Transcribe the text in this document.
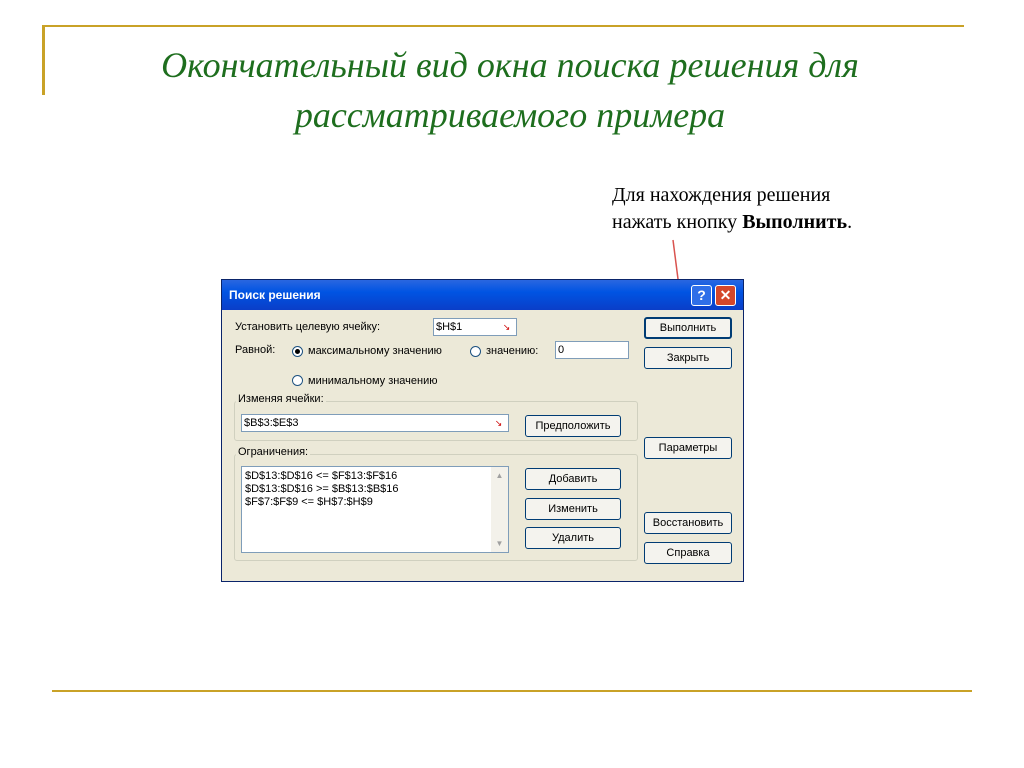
Окончательный вид окна поиска решения для рассматриваемого примера
Для нахождения решения
нажать кнопку Выполнить.
Поиск решения	? ✕
Установить целевую ячейку:	$H$1	↘
Равной:	максимальному значению	значению: 0
минимальному значению
Изменяя ячейки:
$B$3:$E$3	↘	Предположить
Ограничения:
$D$13:$D$16 <= $F$13:$F$16
$D$13:$D$16 >= $B$13:$B$16
$F$7:$F$9 <= $H$7:$H$9
▲
▼
Добавить
Изменить
Удалить
Выполнить
Закрыть
Параметры
Восстановить
Справка
